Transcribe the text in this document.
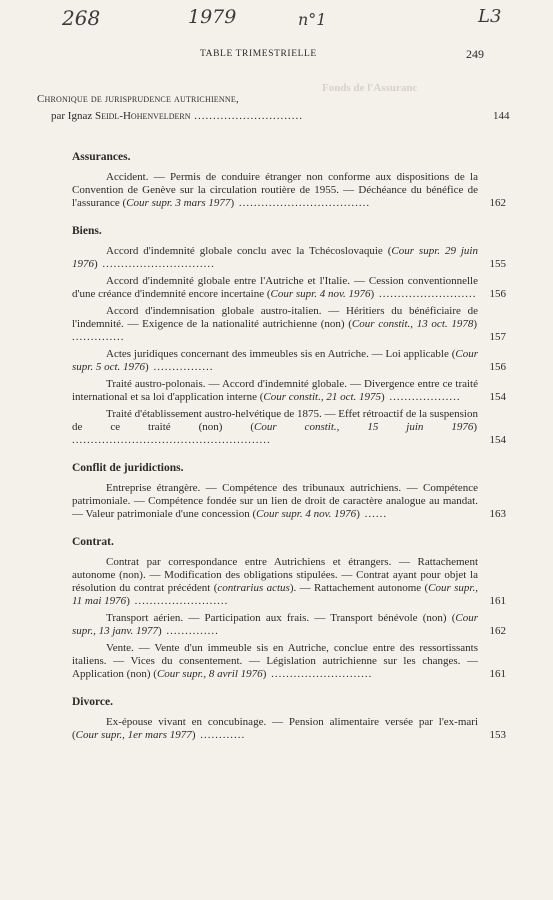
268	1979	n°1	L3
TABLE TRIMESTRIELLE	249
Fonds de l'Assuranc
Chronique de jurisprudence autrichienne,
par Ignaz Seidl-Hohenveldern .............................	144
Assurances.
Accident. — Permis de conduire étranger non conforme aux dispositions de la Convention de Genève sur la circulation routière de 1955. — Déchéance du bénéfice de l'assurance (Cour supr. 3 mars 1977) ...................................	162
Biens.
Accord d'indemnité globale conclu avec la Tchécoslovaquie (Cour supr. 29 juin 1976) ..............................	155
Accord d'indemnité globale entre l'Autriche et l'Italie. — Cession conventionnelle d'une créance d'indemnité encore incertaine (Cour supr. 4 nov. 1976) .......................... 156
Accord d'indemnisation globale austro-italien. — Héritiers du bénéficiaire de l'indemnité. — Exigence de la nationalité autrichienne (non) (Cour constit., 13 oct. 1978) ..............	157
Actes juridiques concernant des immeubles sis en Autriche. — Loi applicable (Cour supr. 5 oct. 1976) ................	156
Traité austro-polonais. — Accord d'indemnité globale. — Divergence entre ce traité international et sa loi d'application interne (Cour constit., 21 oct. 1975) ...................	154
Traité d'établissement austro-helvétique de 1875. — Effet rétroactif de la suspension de ce traité (non) (Cour constit., 15 juin 1976) .....................................................	154
Conflit de juridictions.
Entreprise étrangère. — Compétence des tribunaux autrichiens. — Compétence patrimoniale. — Compétence fondée sur un lien de droit de caractère analogue au mandat. — Valeur patrimoniale d'une concession (Cour supr. 4 nov. 1976) ......	163
Contrat.
Contrat par correspondance entre Autrichiens et étrangers. — Rattachement autonome (non). — Modification des obligations stipulées. — Contrat ayant pour objet la résolution du contrat précédent (contrarius actus). — Rattachement autonome (Cour supr., 11 mai 1976) .........................	161
Transport aérien. — Participation aux frais. — Transport bénévole (non) (Cour supr., 13 janv. 1977) ..............	162
Vente. — Vente d'un immeuble sis en Autriche, conclue entre des ressortissants italiens. — Vices du consentement. — Législation autrichienne sur les changes. — Application (non) (Cour supr., 8 avril 1976) ...........................	161
Divorce.
Ex-épouse vivant en concubinage. — Pension alimentaire versée par l'ex-mari (Cour supr., 1er mars 1977) ............	153
